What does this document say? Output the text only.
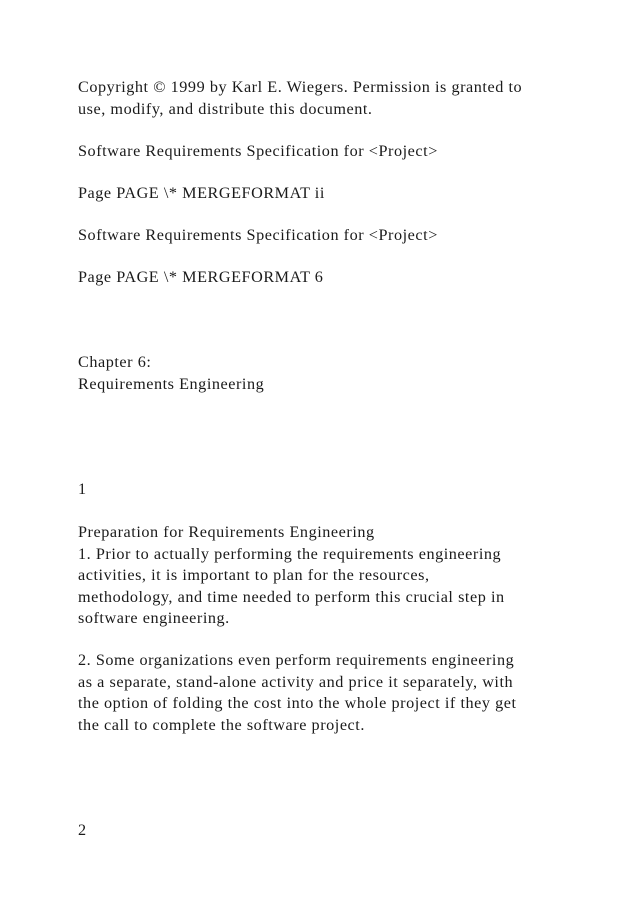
Copyright © 1999 by Karl E. Wiegers. Permission is granted to
use, modify, and distribute this document.
Software Requirements Specification for <Project>
Page PAGE \* MERGEFORMAT ii
Software Requirements Specification for <Project>
Page PAGE \* MERGEFORMAT 6
Chapter 6:
Requirements Engineering
1
Preparation for Requirements Engineering
1. Prior to actually performing the requirements engineering
activities, it is important to plan for the resources,
methodology, and time needed to perform this crucial step in
software engineering.
2. Some organizations even perform requirements engineering
as a separate, stand-alone activity and price it separately, with
the option of folding the cost into the whole project if they get
the call to complete the software project.
2
